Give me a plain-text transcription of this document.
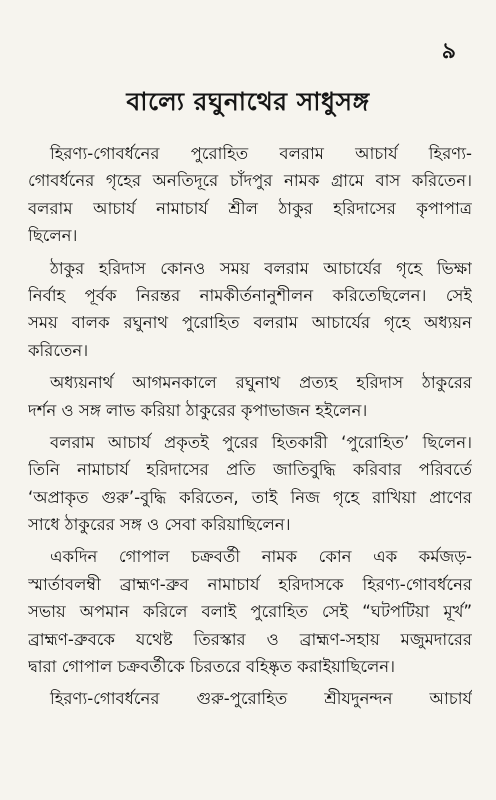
৯
বাল্যে রঘুনাথের সাধুসঙ্গ
হিরণ্য-গোবর্ধনের পুরোহিত বলরাম আচার্য হিরণ্য-
গোবর্ধনের গৃহের অনতিদূরে চাঁদপুর নামক গ্রামে বাস করিতেন।
বলরাম আচার্য নামাচার্য শ্রীল ঠাকুর হরিদাসের কৃপাপাত্র
ছিলেন।
ঠাকুর হরিদাস কোনও সময় বলরাম আচার্যের গৃহে ভিক্ষা
নির্বাহ পূর্বক নিরন্তর নামকীর্তনানুশীলন করিতেছিলেন। সেই
সময় বালক রঘুনাথ পুরোহিত বলরাম আচার্যের গৃহে অধ্যয়ন
করিতেন।
অধ্যয়নার্থ আগমনকালে রঘুনাথ প্রত্যহ হরিদাস ঠাকুরের
দর্শন ও সঙ্গ লাভ করিয়া ঠাকুরের কৃপাভাজন হইলেন।
বলরাম আচার্য প্রকৃতই পুরের হিতকারী ‘পুরোহিত’ ছিলেন।
তিনি নামাচার্য হরিদাসের প্রতি জাতিবুদ্ধি করিবার পরিবর্তে
‘অপ্রাকৃত গুরু’-বুদ্ধি করিতেন, তাই নিজ গৃহে রাখিয়া প্রাণের
সাধে ঠাকুরের সঙ্গ ও সেবা করিয়াছিলেন।
একদিন গোপাল চক্রবর্তী নামক কোন এক কর্মজড়-
স্মার্তাবলম্বী ব্রাহ্মণ-ব্রুব নামাচার্য হরিদাসকে হিরণ্য-গোবর্ধনের
সভায় অপমান করিলে বলাই পুরোহিত সেই “ঘটপটিয়া মূর্খ”
ব্রাহ্মণ-ব্রুবকে যথেষ্ট তিরস্কার ও ব্রাহ্মণ-সহায় মজুমদারের
দ্বারা গোপাল চক্রবর্তীকে চিরতরে বহিষ্কৃত করাইয়াছিলেন।
হিরণ্য-গোবর্ধনের গুরু-পুরোহিত শ্রীযদুনন্দন আচার্য
